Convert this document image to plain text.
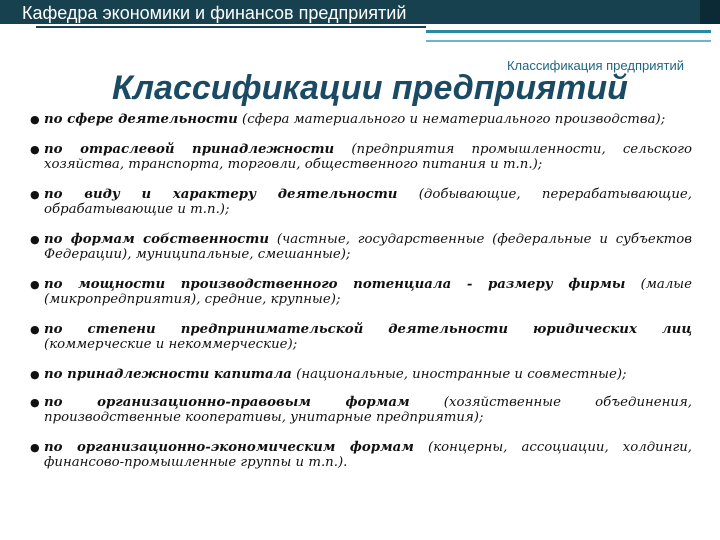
Кафедра экономики и финансов предприятий
Классификация предприятий
Классификации предприятий
● по сфере деятельности (сфера материального и нематериального производства);
● по отраслевой принадлежности (предприятия промышленности, сельского хозяйства, транспорта, торговли, общественного питания и т.п.);
● по виду и характеру деятельности (добывающие, перерабатывающие, обрабатывающие и т.п.);
● по формам собственности (частные, государственные (федеральные и субъектов Федерации), муниципальные, смешанные);
● по мощности производственного потенциала - размеру фирмы (малые (микропредприятия), средние, крупные);
● по степени предпринимательской деятельности юридических лиц (коммерческие и некоммерческие);
● по принадлежности капитала (национальные, иностранные и совместные);
● по организационно-правовым формам (хозяйственные объединения, производственные кооперативы, унитарные предприятия);
● по организационно-экономическим формам (концерны, ассоциации, холдинги, финансово-промышленные группы и т.п.).
